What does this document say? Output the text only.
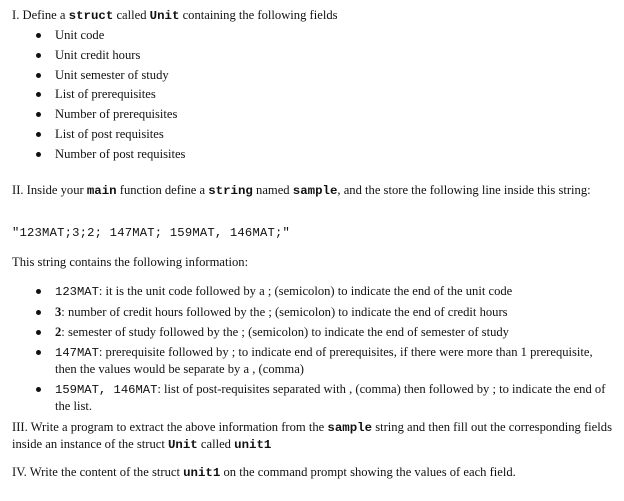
I. Define a struct called Unit containing the following fields
Unit code
Unit credit hours
Unit semester of study
List of prerequisites
Number of prerequisites
List of post requisites
Number of post requisites
II. Inside your main function define a string named sample, and the store the following line inside this string:
"123MAT;3;2; 147MAT; 159MAT, 146MAT;"
This string contains the following information:
123MAT: it is the unit code followed by a ; (semicolon) to indicate the end of the unit code
3: number of credit hours followed by the ; (semicolon) to indicate the end of credit hours
2: semester of study followed by the ; (semicolon) to indicate the end of semester of study
147MAT: prerequisite followed by ; to indicate end of prerequisites, if there were more than 1 prerequisite, then the values would be separate by a , (comma)
159MAT, 146MAT: list of post-requisites separated with , (comma) then followed by ; to indicate the end of the list.
III. Write a program to extract the above information from the sample string and then fill out the corresponding fields inside an instance of the struct Unit called unit1
IV. Write the content of the struct unit1 on the command prompt showing the values of each field.
